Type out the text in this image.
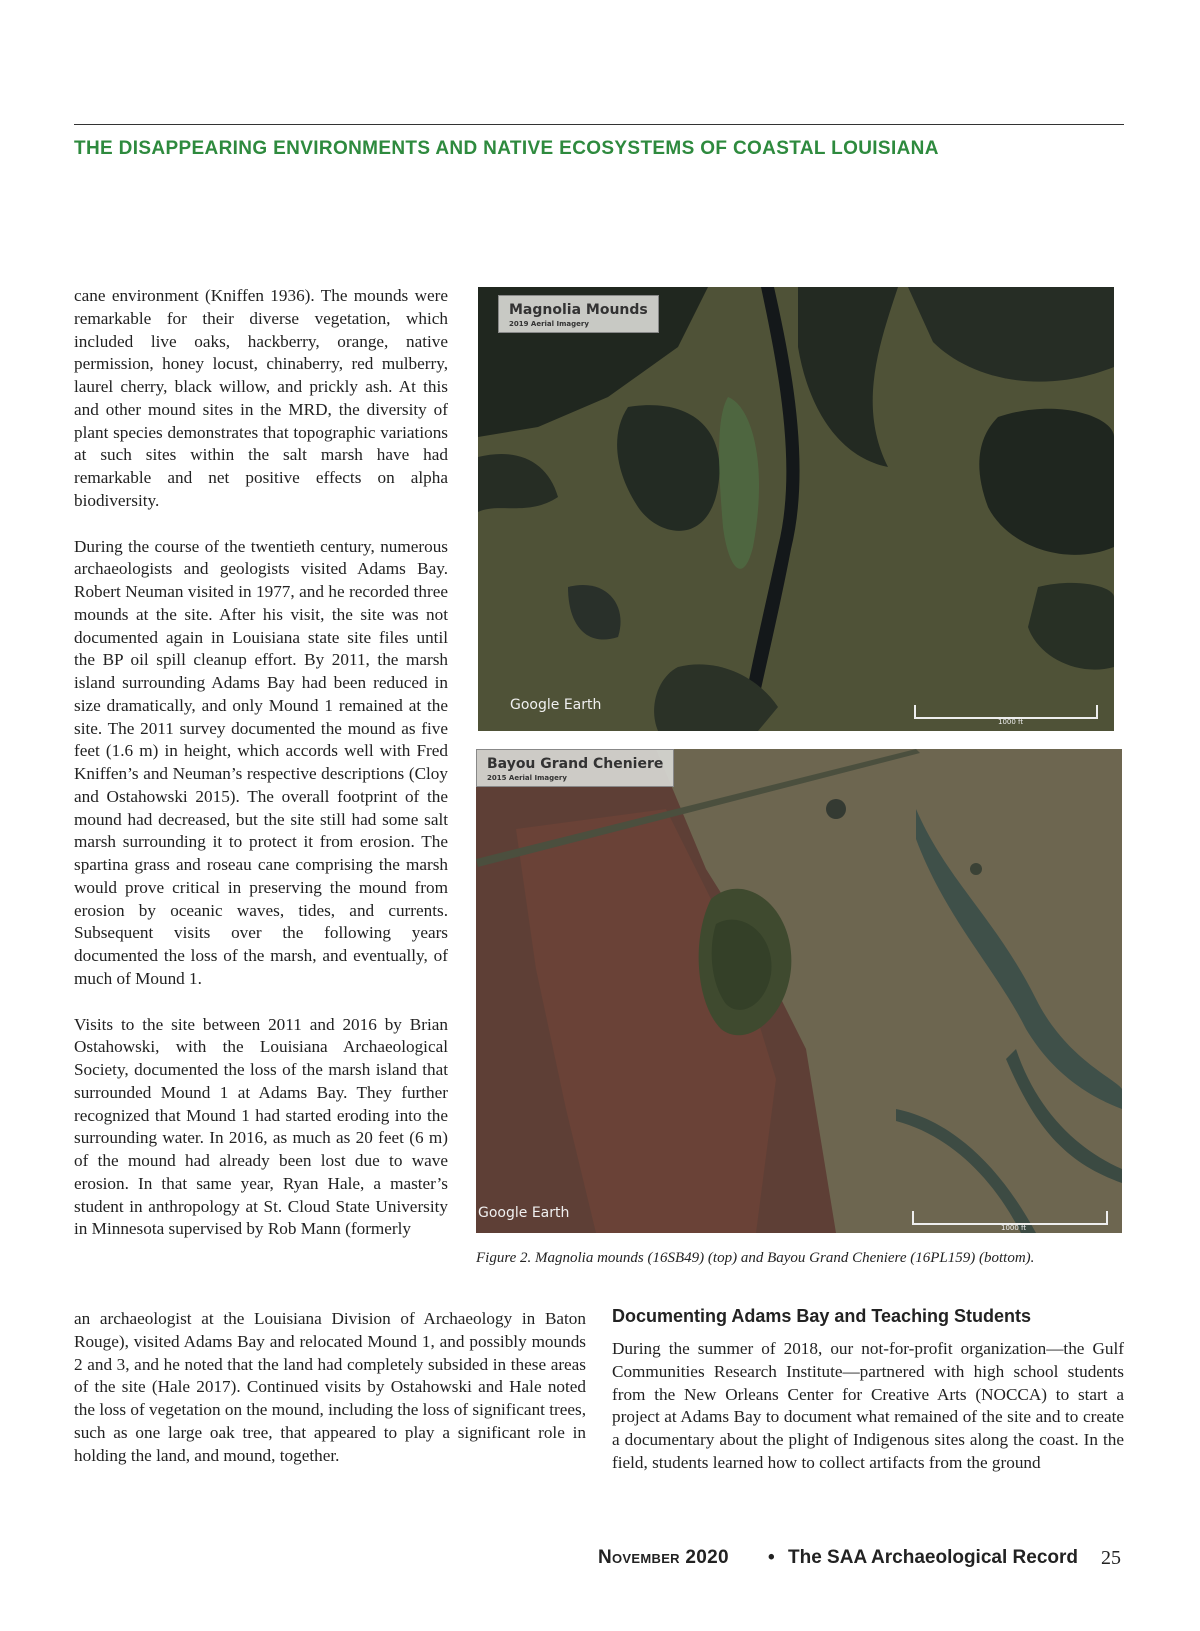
THE DISAPPEARING ENVIRONMENTS AND NATIVE ECOSYSTEMS OF COASTAL LOUISIANA

cane environment (Kniffen 1936). The mounds were remarkable for their diverse vegetation, which included live oaks, hackberry, orange, native permission, honey locust, chinaberry, red mulberry, laurel cherry, black willow, and prickly ash. At this and other mound sites in the MRD, the diversity of plant species demonstrates that topographic variations at such sites within the salt marsh have had remarkable and net positive effects on alpha biodiversity.

During the course of the twentieth century, numerous archaeologists and geologists visited Adams Bay. Robert Neuman visited in 1977, and he recorded three mounds at the site. After his visit, the site was not documented again in Louisiana state site files until the BP oil spill cleanup effort. By 2011, the marsh island surrounding Adams Bay had been reduced in size dramatically, and only Mound 1 remained at the site. The 2011 survey documented the mound as five feet (1.6 m) in height, which accords well with Fred Kniffen’s and Neuman’s respective descriptions (Cloy and Ostahowski 2015). The overall footprint of the mound had decreased, but the site still had some salt marsh surrounding it to protect it from erosion. The spartina grass and roseau cane comprising the marsh would prove critical in preserving the mound from erosion by oceanic waves, tides, and currents. Subsequent visits over the following years documented the loss of the marsh, and eventually, of much of Mound 1.

Visits to the site between 2011 and 2016 by Brian Ostahowski, with the Louisiana Archaeological Society, documented the loss of the marsh island that surrounded Mound 1 at Adams Bay. They further recognized that Mound 1 had started eroding into the surrounding water. In 2016, as much as 20 feet (6 m) of the mound had already been lost due to wave erosion. In that same year, Ryan Hale, a master’s student in anthropology at St. Cloud State University in Minnesota supervised by Rob Mann (formerly

Magnolia Mounds
2019 Aerial Imagery
Google Earth
1000 ft
Bayou Grand Cheniere
2015 Aerial Imagery
Google Earth
1000 ft
Figure 2. Magnolia mounds (16SB49) (top) and Bayou Grand Cheniere (16PL159) (bottom).

an archaeologist at the Louisiana Division of Archaeology in Baton Rouge), visited Adams Bay and relocated Mound 1, and possibly mounds 2 and 3, and he noted that the land had completely subsided in these areas of the site (Hale 2017). Continued visits by Ostahowski and Hale noted the loss of vegetation on the mound, including the loss of significant trees, such as one large oak tree, that appeared to play a significant role in holding the land, and mound, together.

Documenting Adams Bay and Teaching Students

During the summer of 2018, our not-for-profit organization—the Gulf Communities Research Institute—partnered with high school students from the New Orleans Center for Creative Arts (NOCCA) to start a project at Adams Bay to document what remained of the site and to create a documentary about the plight of Indigenous sites along the coast. In the field, students learned how to collect artifacts from the ground

November 2020 • The SAA Archaeological Record 25
